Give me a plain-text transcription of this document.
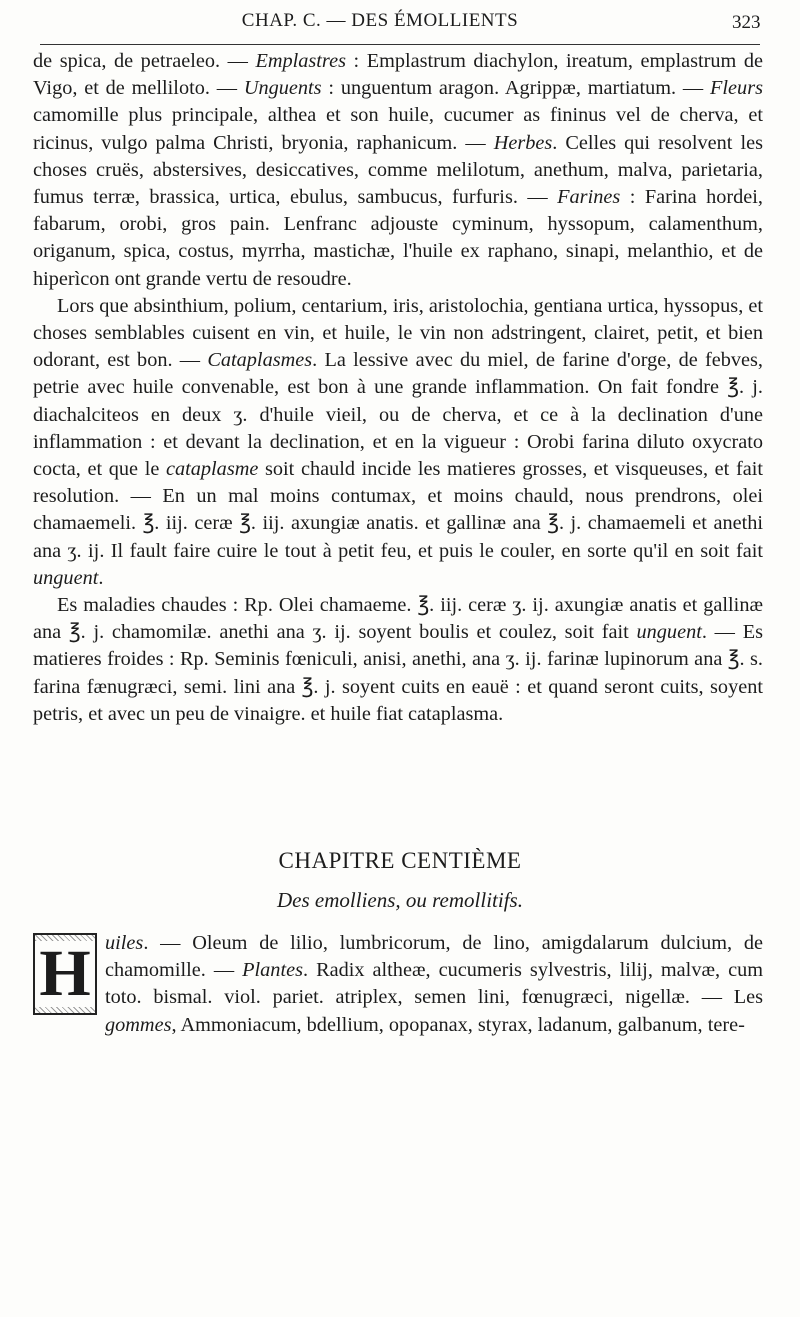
CHAP. C. — DES ÉMOLLIENTS	323

de spica, de petraeleo. — Emplastres : Emplastrum diachylon, ireatum, emplastrum de Vigo, et de melliloto. — Unguents : unguentum aragon. Agrippæ, martiatum. — Fleurs camomille plus principale, althea et son huile, cucumer as fininus vel de cherva, et ricinus, vulgo palma Christi, bryonia, raphanicum. — Herbes. Celles qui resolvent les choses cruës, abstersives, desiccatives, comme melilotum, anethum, malva, parietaria, fumus terræ, brassica, urtica, ebulus, sambucus, furfuris. — Farines : Farina hordei, fabarum, orobi, gros pain. Lenfranc adjouste cyminum, hyssopum, calamenthum, origanum, spica, costus, myrrha, mastichæ, l'huile ex raphano, sinapi, melanthio, et de hiperìcon ont grande vertu de resoudre.

Lors que absinthium, polium, centarium, iris, aristolochia, gentiana urtica, hyssopus, et choses semblables cuisent en vin, et huile, le vin non adstringent, clairet, petit, et bien odorant, est bon. — Cataplasmes. La lessive avec du miel, de farine d'orge, de febves, petrie avec huile convenable, est bon à une grande inflammation. On fait fondre ℥. j. diachalciteos en deux ʒ. d'huile vieil, ou de cherva, et ce à la declination d'une inflammation : et devant la declination, et en la vigueur : Orobi farina diluto oxycrato cocta, et que le cataplasme soit chauld incide les matieres grosses, et visqueuses, et fait resolution. — En un mal moins contumax, et moins chauld, nous prendrons, olei chamaemeli. ℥. iij. ceræ ℥. iij. axungiæ anatis. et gallinæ ana ℥. j. chamaemeli et anethi ana ʒ. ij. Il fault faire cuire le tout à petit feu, et puis le couler, en sorte qu'il en soit fait unguent.

Es maladies chaudes : Rp. Olei chamaeme. ℥. iij. ceræ ʒ. ij. axungiæ anatis et gallinæ ana ℥. j. chamomilæ. anethi ana ʒ. ij. soyent boulis et coulez, soit fait unguent. — Es matieres froides : Rp. Seminis fœniculi, anisi, anethi, ana ʒ. ij. farinæ lupinorum ana ℥. s. farina fænugræci, semi. lini ana ℥. j. soyent cuits en eauë : et quand seront cuits, soyent petris, et avec un peu de vinaigre. et huile fiat cataplasma.

CHAPITRE CENTIÈME
Des emolliens, ou remollitifs.
H uiles. — Oleum de lilio, lumbricorum, de lino, amigdalarum dulcium, de chamomille. — Plantes. Radix altheæ, cucumeris sylvestris, lilij, malvæ, cum toto. bismal. viol. pariet. atriplex, semen lini, fœnugræci, nigellæ. — Les gommes, Ammoniacum, bdellium, opopanax, styrax, ladanum, galbanum, tere-
